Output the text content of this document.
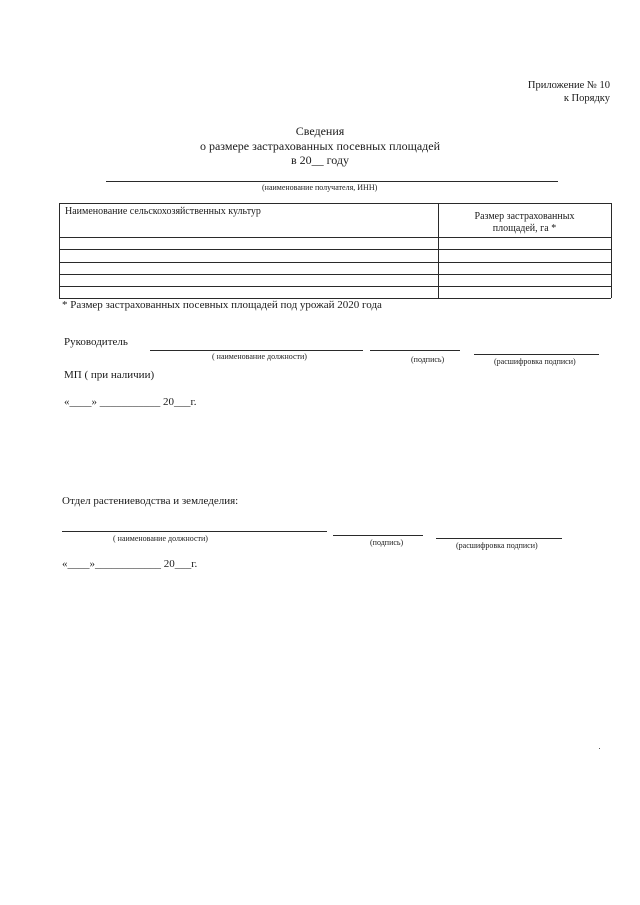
Приложение № 10
к Порядку
Сведения
о размере застрахованных посевных площадей
в 20__ году
(наименование получателя, ИНН)
Наименование сельскохозяйственных культур	Размер застрахованных
площадей, га *
* Размер застрахованных посевных площадей под урожай 2020 года
Руководитель
( наименование должности)	(подпись)	(расшифровка подписи)
МП ( при наличии)
«____» ___________ 20___г.
Отдел растениеводства и земледелия:
( наименование должности)	(подпись)	(расшифровка подписи)
«____»____________ 20___г.
